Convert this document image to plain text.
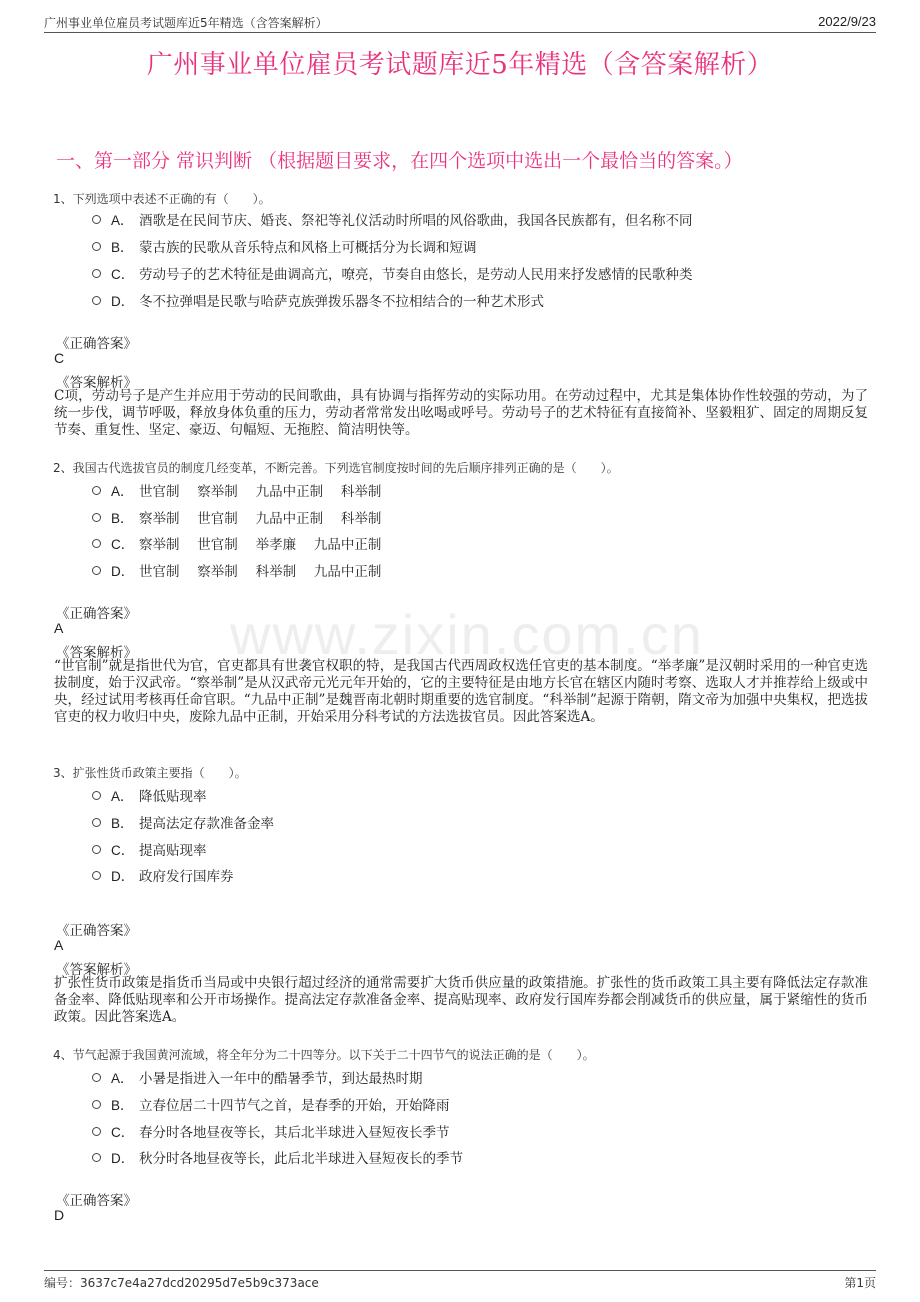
广州事业单位雇员考试题库近5年精选（含答案解析）	2022/9/23
广州事业单位雇员考试题库近5年精选（含答案解析）
一、第一部分 常识判断 （根据题目要求，在四个选项中选出一个最恰当的答案。）
www.zixin.com.cn
1、下列选项中表述不正确的有（　　）。
A． 酒歌是在民间节庆、婚丧、祭祀等礼仪活动时所唱的风俗歌曲，我国各民族都有，但名称不同
B． 蒙古族的民歌从音乐特点和风格上可概括分为长调和短调
C． 劳动号子的艺术特征是曲调高亢，嘹亮，节奏自由悠长，是劳动人民用来抒发感情的民歌种类
D． 冬不拉弹唱是民歌与哈萨克族弹拨乐器冬不拉相结合的一种艺术形式
《正确答案》
C
《答案解析》
C项，劳动号子是产生并应用于劳动的民间歌曲，具有协调与指挥劳动的实际功用。在劳动过程中，尤其是集体协作性较强的劳动，为了统一步伐，调节呼吸，释放身体负重的压力，劳动者常常发出吆喝或呼号。劳动号子的艺术特征有直接简补、坚毅粗犷、固定的周期反复节奏、重复性、坚定、豪迈、句幅短、无拖腔、简洁明快等。
2、我国古代选拔官员的制度几经变革，不断完善。下列选官制度按时间的先后顺序排列正确的是（　　）。
A． 世官制　 察举制　 九品中正制　 科举制
B． 察举制　 世官制　 九品中正制　 科举制
C． 察举制　 世官制　 举孝廉　 九品中正制
D． 世官制　 察举制　 科举制　 九品中正制
《正确答案》
A
《答案解析》
“世官制”就是指世代为官，官吏都具有世袭官权职的特，是我国古代西周政权选任官吏的基本制度。“举孝廉”是汉朝时采用的一种官吏选拔制度，始于汉武帝。“察举制”是从汉武帝元光元年开始的，它的主要特征是由地方长官在辖区内随时考察、选取人才并推荐给上级或中央，经过试用考核再任命官职。“九品中正制”是魏晋南北朝时期重要的选官制度。“科举制”起源于隋朝，隋文帝为加强中央集权，把选拔官吏的权力收归中央，废除九品中正制，开始采用分科考试的方法选拔官员。因此答案选A。
3、扩张性货币政策主要指（　　）。
A． 降低贴现率
B． 提高法定存款准备金率
C． 提高贴现率
D． 政府发行国库券
《正确答案》
A
《答案解析》
扩张性货币政策是指货币当局或中央银行超过经济的通常需要扩大货币供应量的政策措施。扩张性的货币政策工具主要有降低法定存款准备金率、降低贴现率和公开市场操作。提高法定存款准备金率、提高贴现率、政府发行国库券都会削减货币的供应量，属于紧缩性的货币政策。因此答案选A。
4、节气起源于我国黄河流域，将全年分为二十四等分。以下关于二十四节气的说法正确的是（　　）。
A． 小暑是指进入一年中的酷暑季节，到达最热时期
B． 立春位居二十四节气之首，是春季的开始，开始降雨
C． 春分时各地昼夜等长，其后北半球进入昼短夜长季节
D． 秋分时各地昼夜等长，此后北半球进入昼短夜长的季节
《正确答案》
D
编号：3637c7e4a27dcd20295d7e5b9c373ace	第1页
